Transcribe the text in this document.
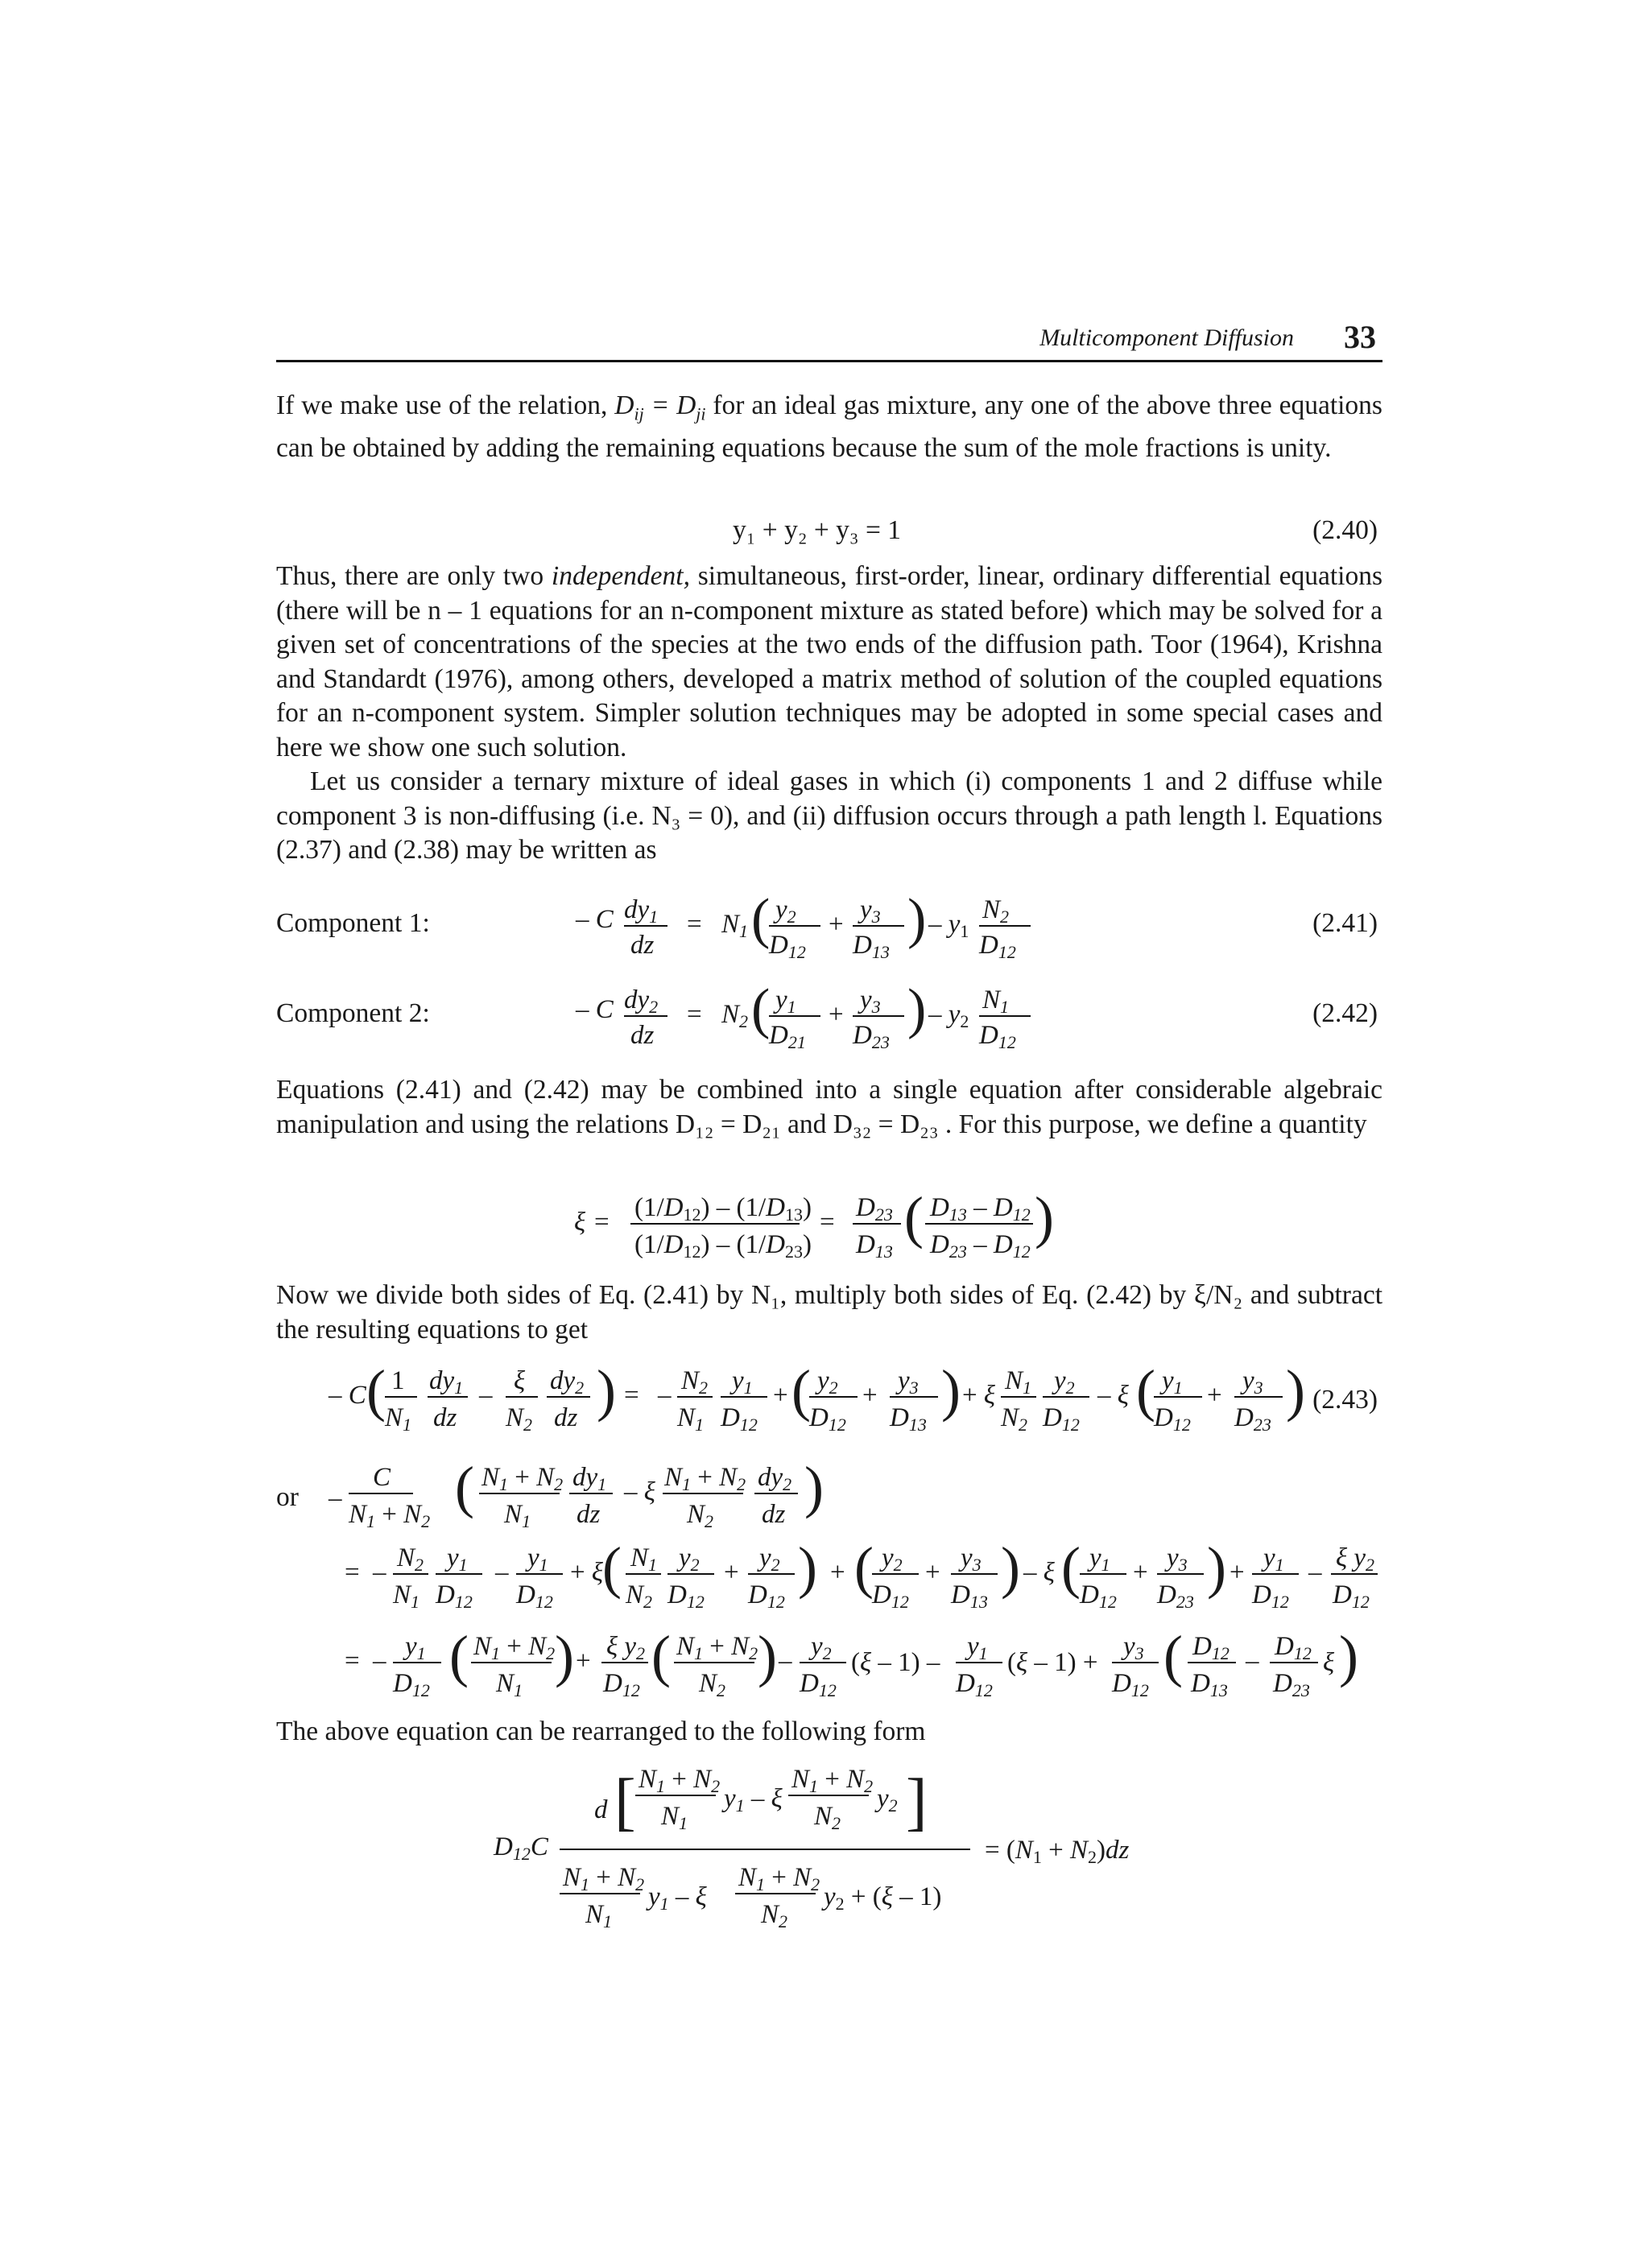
Multicomponent Diffusion 33

If we make use of the relation, $D_{ij} = D_{ji}$ for an ideal gas mixture, any one of the above three equations can be obtained by adding the remaining equations because the sum of the mole fractions is unity.

y₁ + y₂ + y₃ = 1	(2.40)

Thus, there are only two independent, simultaneous, first-order, linear, ordinary differential equations (there will be n – 1 equations for an n-component mixture as stated before) which may be solved for a given set of concentrations of the species at the two ends of the diffusion path. Toor (1964), Krishna and Standardt (1976), among others, developed a matrix method of solution of the coupled equations for an n-component system. Simpler solution techniques may be adopted in some special cases and here we show one such solution.

Let us consider a ternary mixture of ideal gases in which (i) components 1 and 2 diffuse while component 3 is non-diffusing (i.e. N₃ = 0), and (ii) diffusion occurs through a path length l. Equations (2.37) and (2.38) may be written as

Component 1:	– C dy1
dz
= N1 ( y2
D12
+ y3
D13
) – y1
N2
D12
(2.41)
Component 2:	– C dy2
dz
= N2 ( y1
D21
+ y3
D23
) – y2
N1
D12
(2.42)

Equations (2.41) and (2.42) may be combined into a single equation after considerable algebraic manipulation and using the relations D₁₂ = D₂₁ and D₃₂ = D₂₃ . For this purpose, we define a quantity

ξ = (1/D12) – (1/D13)
(1/D12) – (1/D23)
= D23
D13
( D13 – D12
D23 – D12
)

Now we divide both sides of Eq. (2.41) by N₁, multiply both sides of Eq. (2.42) by ξ/N₂ and subtract the resulting equations to get

– C ( 1
N1
dy1
dz
– ξ
N2
dy2
dz ) = – N2
N1
y1
D12
+ ( y2
D12
+ y3
D13
) + ξ N1
N2
y2
D12
– ξ ( y1
D12
+ y3
D23
) (2.43)
or –
C
N1 + N2
( N1 + N2
N1
dy1
dz
– ξ N1 + N2
N2
dy2
dz )
= – N2
N1
y1
D12
– y1
D12
+ ξ
( N1
N2
y2
D12
+ y2
D12
) + ( y2
D12
+ y3
D13
) – ξ ( y1
D12
+ y3
D23
) + y1
D12
– ξ y2
D12
= – y1
D12
( N1 + N2
N1
) + ξ y2
D12
( N1 + N2
N2
) – y2
D12
(ξ – 1) –
y1
D12
(ξ – 1) +
y3
D12
( D12
D13
– D12
D23
ξ )

The above equation can be rearranged to the following form

D12C
d [ N1 + N2
N1
y1 – ξ
N1 + N2
N2
y2 ]
N1 + N2
N1
y1 – ξ
N1 + N2
N2
y2 + (ξ – 1)
= (N1 + N2)dz
